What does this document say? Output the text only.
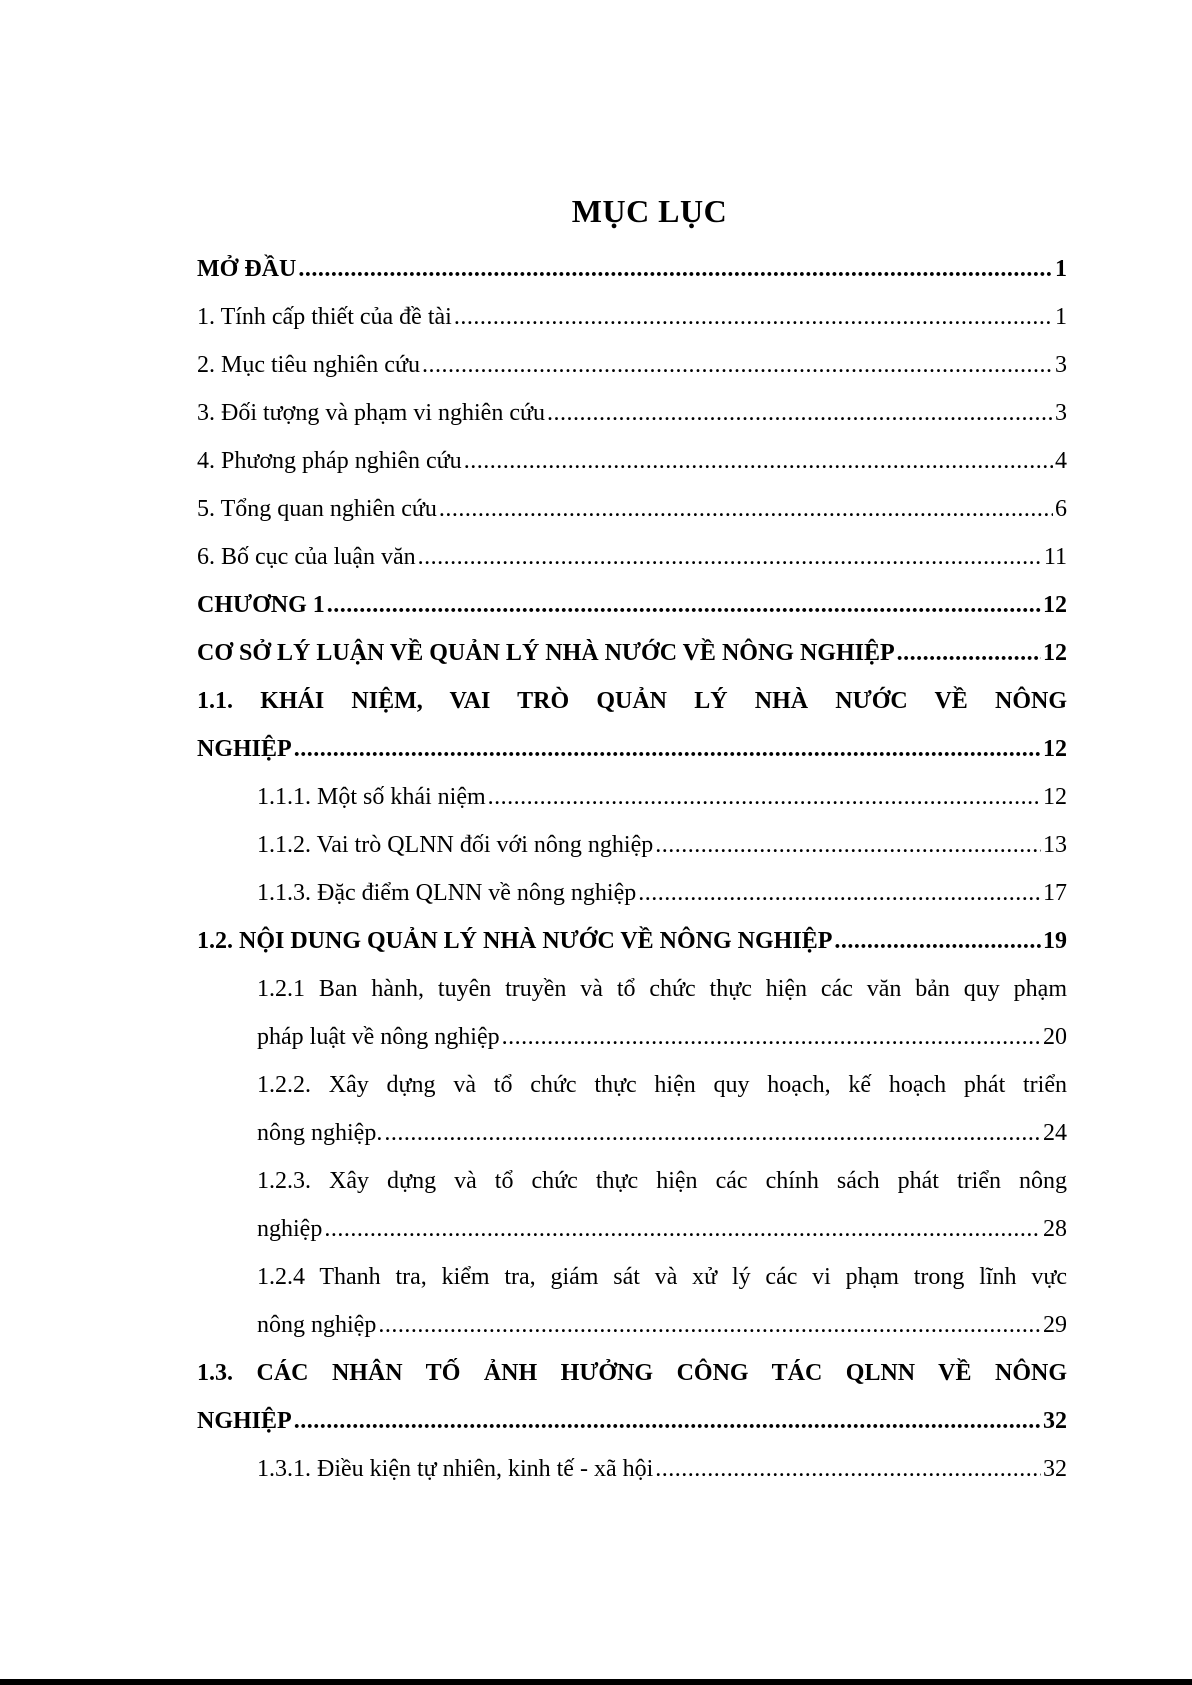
MỤC LỤC
MỞ ĐẦU .....	1
1. Tính cấp thiết của đề tài .....	1
2. Mục tiêu nghiên cứu .....	3
3. Đối tượng và phạm vi nghiên cứu .....	3
4. Phương pháp nghiên cứu .....	4
5. Tổng quan nghiên cứu .....	6
6. Bố cục của luận văn .....	11
CHƯƠNG 1 .....	12
CƠ SỞ LÝ LUẬN VỀ QUẢN LÝ NHÀ NƯỚC VỀ NÔNG NGHIỆP .....	12
1.1. KHÁI NIỆM, VAI TRÒ QUẢN LÝ NHÀ NƯỚC VỀ NÔNG
NGHIỆP .....	12
1.1.1. Một số khái niệm .....	12
1.1.2. Vai trò QLNN đối với nông nghiệp .....	13
1.1.3. Đặc điểm QLNN về nông nghiệp .....	17
1.2. NỘI DUNG QUẢN LÝ NHÀ NƯỚC VỀ NÔNG NGHIỆP .....	19
1.2.1 Ban hành, tuyên truyền và tổ chức thực hiện các văn bản quy phạm
pháp luật về nông nghiệp .....	20
1.2.2. Xây dựng và tổ chức thực hiện quy hoạch, kế hoạch phát triển
nông nghiệp. .....	24
1.2.3. Xây dựng và tổ chức thực hiện các chính sách phát triển nông
nghiệp .....	28
1.2.4 Thanh tra, kiểm tra, giám sát và xử lý các vi phạm trong lĩnh vực
nông nghiệp .....	29
1.3. CÁC NHÂN TỐ ẢNH HƯỞNG CÔNG TÁC QLNN VỀ NÔNG
NGHIỆP .....	32
1.3.1. Điều kiện tự nhiên, kinh tế - xã hội .....	32
